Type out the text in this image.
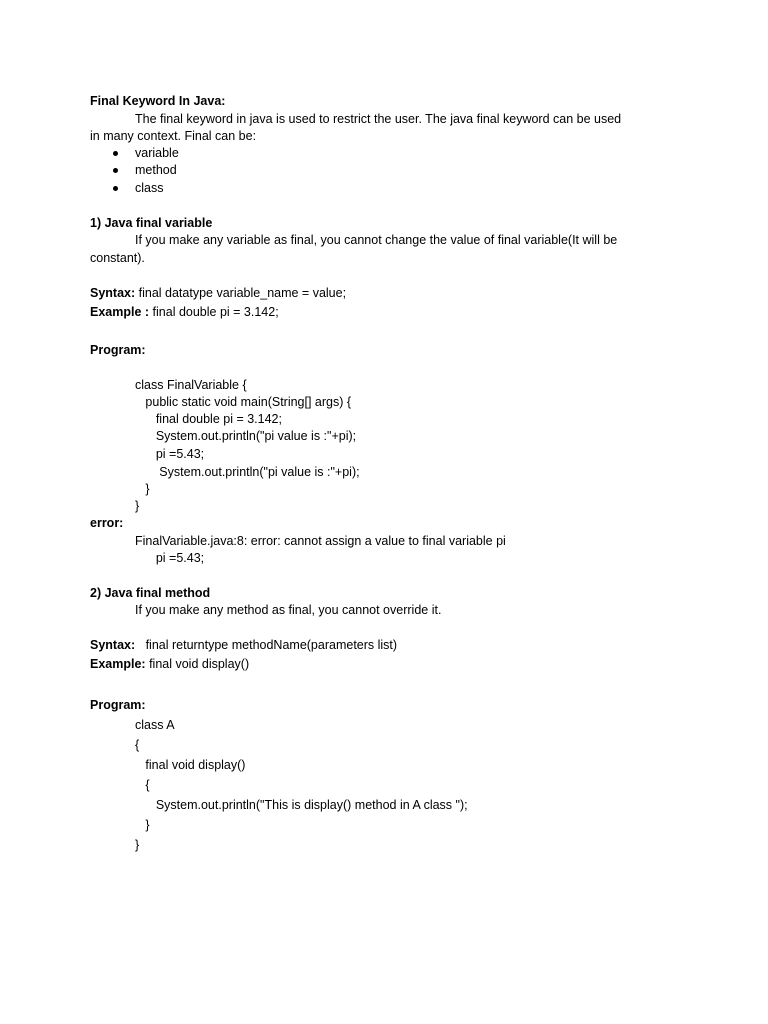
Final Keyword In Java:
The final keyword in java is used to restrict the user. The java final keyword can be used
in many context. Final can be:
variable
method
class
1) Java final variable
If you make any variable as final, you cannot change the value of final variable(It will be
constant).
Syntax: final datatype variable_name = value;
Example : final double pi = 3.142;
Program:
class FinalVariable {
public static void main(String[] args) {
final double pi = 3.142;
System.out.println("pi value is :"+pi);
pi =5.43;
System.out.println("pi value is :"+pi);
}
}
error:
FinalVariable.java:8: error: cannot assign a value to final variable pi
pi =5.43;
2) Java final method
If you make any method as final, you cannot override it.
Syntax:   final returntype methodName(parameters list)
Example: final void display()
Program:
class A
{
final void display()
{
System.out.println("This is display() method in A class ");
}
}
